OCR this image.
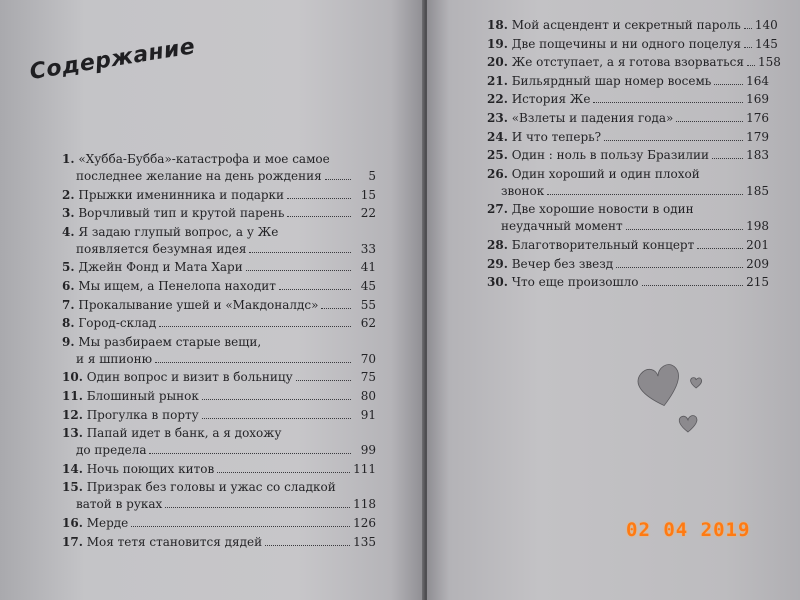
Содержание
1.
«Хубба-Бубба»-катастрофа и мое самое
последнее желание на день рождения	5
2.
Прыжки именинника и подарки	15
3.
Ворчливый тип и крутой парень	22
4.
Я задаю глупый вопрос, а у Же
появляется безумная идея	33
5.
Джейн Фонд и Мата Хари	41
6.
Мы ищем, а Пенелопа находит	45
7.
Прокалывание ушей и «Макдоналдс»	55
8.
Город-склад	62
9.
Мы разбираем старые вещи,
и я шпионю	70
10.
Один вопрос и визит в больницу	75
11.
Блошиный рынок	80
12.
Прогулка в порту	91
13.
Папай идет в банк, а я дохожу
до предела	99
14.
Ночь поющих китов	111
15.
Призрак без головы и ужас со сладкой
ватой в руках	118
16.
Мерде	126
17.
Моя тетя становится дядей	135
18.
Мой асцендент и секретный пароль 140
19.
Две пощечины и ни одного поцелуя 145
20.
Же отступает, а я готова взорваться 158
21.
Бильярдный шар номер восемь	164
22.
История Же	169
23.
«Взлеты и падения года»	176
24.
И что теперь?	179
25.
Один : ноль в пользу Бразилии	183
26.
Один хороший и один плохой
звонок	185
27.
Две хорошие новости в один
неудачный момент	198
28.
Благотворительный концерт	201
29.
Вечер без звезд	209
30.
Что еще произошло	215
02 04 2019
